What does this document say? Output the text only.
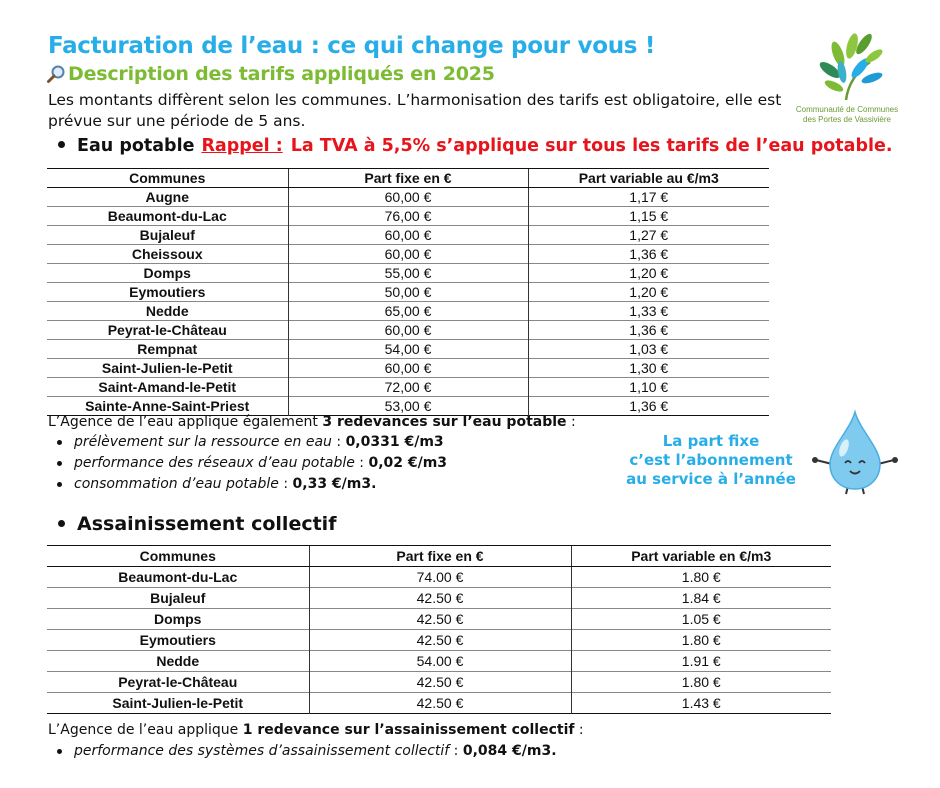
Facturation de l’eau : ce qui change pour vous !
Description des tarifs appliqués en 2025
Les montants diffèrent selon les communes. L’harmonisation des tarifs est obligatoire, elle est prévue sur une période de 5 ans.
Communauté de Communes
des Portes de Vassivière
Eau potable Rappel : La TVA à 5,5% s’applique sur tous les tarifs de l’eau potable.
Communes	Part fixe en €	Part variable au €/m3
Augne	60,00 €	1,17 €
Beaumont-du-Lac	76,00 €	1,15 €
Bujaleuf	60,00 €	1,27 €
Cheissoux	60,00 €	1,36 €
Domps	55,00 €	1,20 €
Eymoutiers	50,00 €	1,20 €
Nedde	65,00 €	1,33 €
Peyrat-le-Château	60,00 €	1,36 €
Rempnat	54,00 €	1,03 €
Saint-Julien-le-Petit	60,00 €	1,30 €
Saint-Amand-le-Petit	72,00 €	1,10 €
Sainte-Anne-Saint-Priest	53,00 €	1,36 €
L’Agence de l’eau applique également 3 redevances sur l’eau potable :
prélèvement sur la ressource en eau : 0,0331 €/m3
performance des réseaux d’eau potable : 0,02 €/m3
consommation d’eau potable : 0,33 €/m3.
La part fixe
c’est l’abonnement
au service à l’année
Assainissement collectif
Communes	Part fixe en €	Part variable en €/m3
Beaumont-du-Lac	74.00 €	1.80 €
Bujaleuf	42.50 €	1.84 €
Domps	42.50 €	1.05 €
Eymoutiers	42.50 €	1.80 €
Nedde	54.00 €	1.91 €
Peyrat-le-Château	42.50 €	1.80 €
Saint-Julien-le-Petit	42.50 €	1.43 €
L’Agence de l’eau applique 1 redevance sur l’assainissement collectif :
performance des systèmes d’assainissement collectif : 0,084 €/m3.
